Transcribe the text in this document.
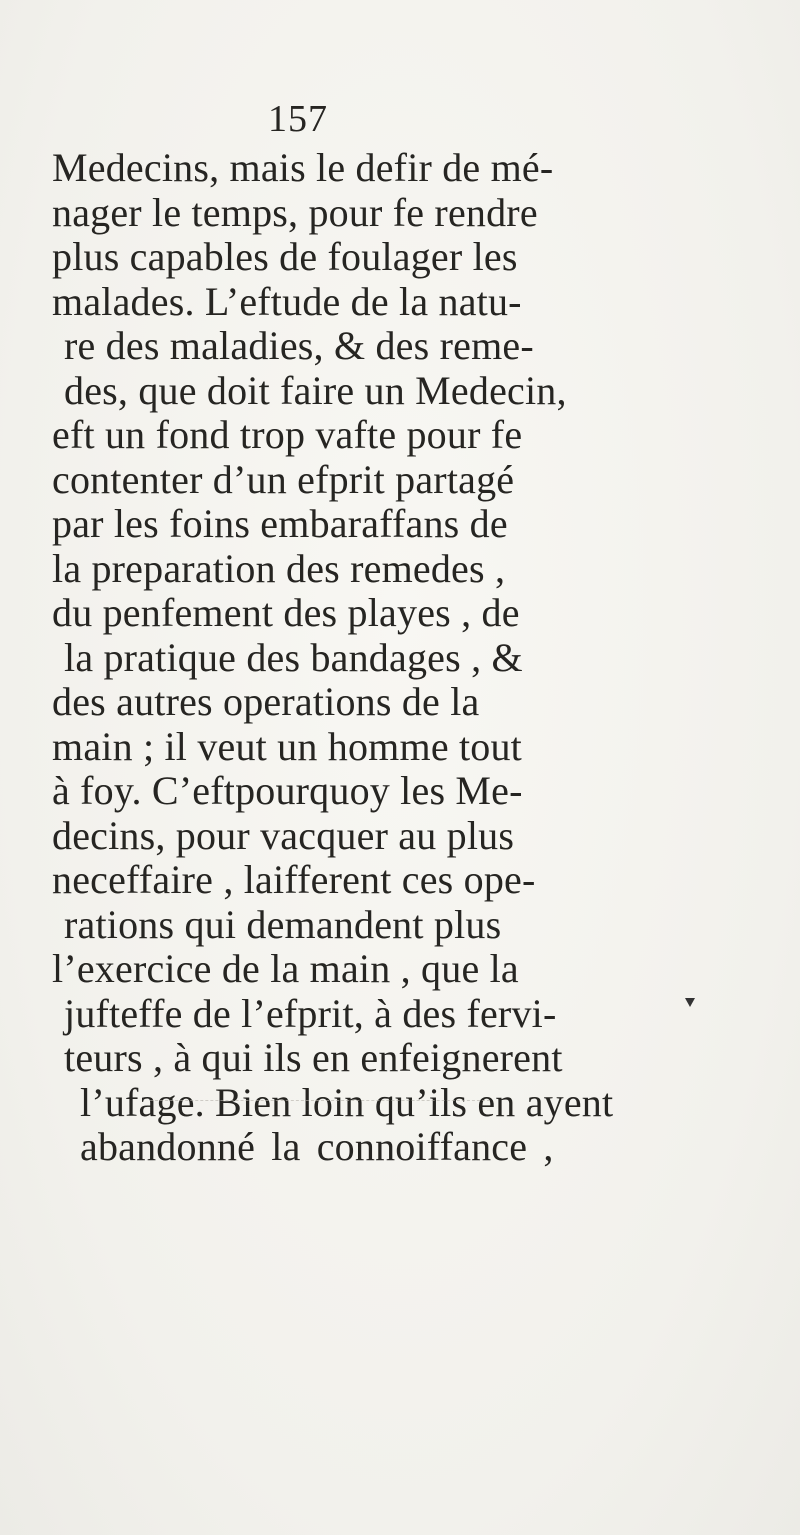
157
Medecins, mais le defir de mé-
nager le temps, pour fe rendre
plus capables de foulager les
malades. L’eftude de la natu-
re des maladies, & des reme-
des, que doit faire un Medecin,
eft un fond trop vafte pour fe
contenter d’un efprit partagé
par les foins embaraffans de
la preparation des remedes ,
du penfement des playes , de
la pratique des bandages , &
des autres operations de la
main ; il veut un homme tout
à foy. C’eftpourquoy les Me-
decins, pour vacquer au plus
neceffaire , laifferent ces ope-
rations qui demandent plus
l’exercice de la main , que la
jufteffe de l’efprit, à des fervi-
teurs , à qui ils en enfeignerent
l’ufage. Bien loin qu’ils en ayent
abandonné la connoiffance ,
